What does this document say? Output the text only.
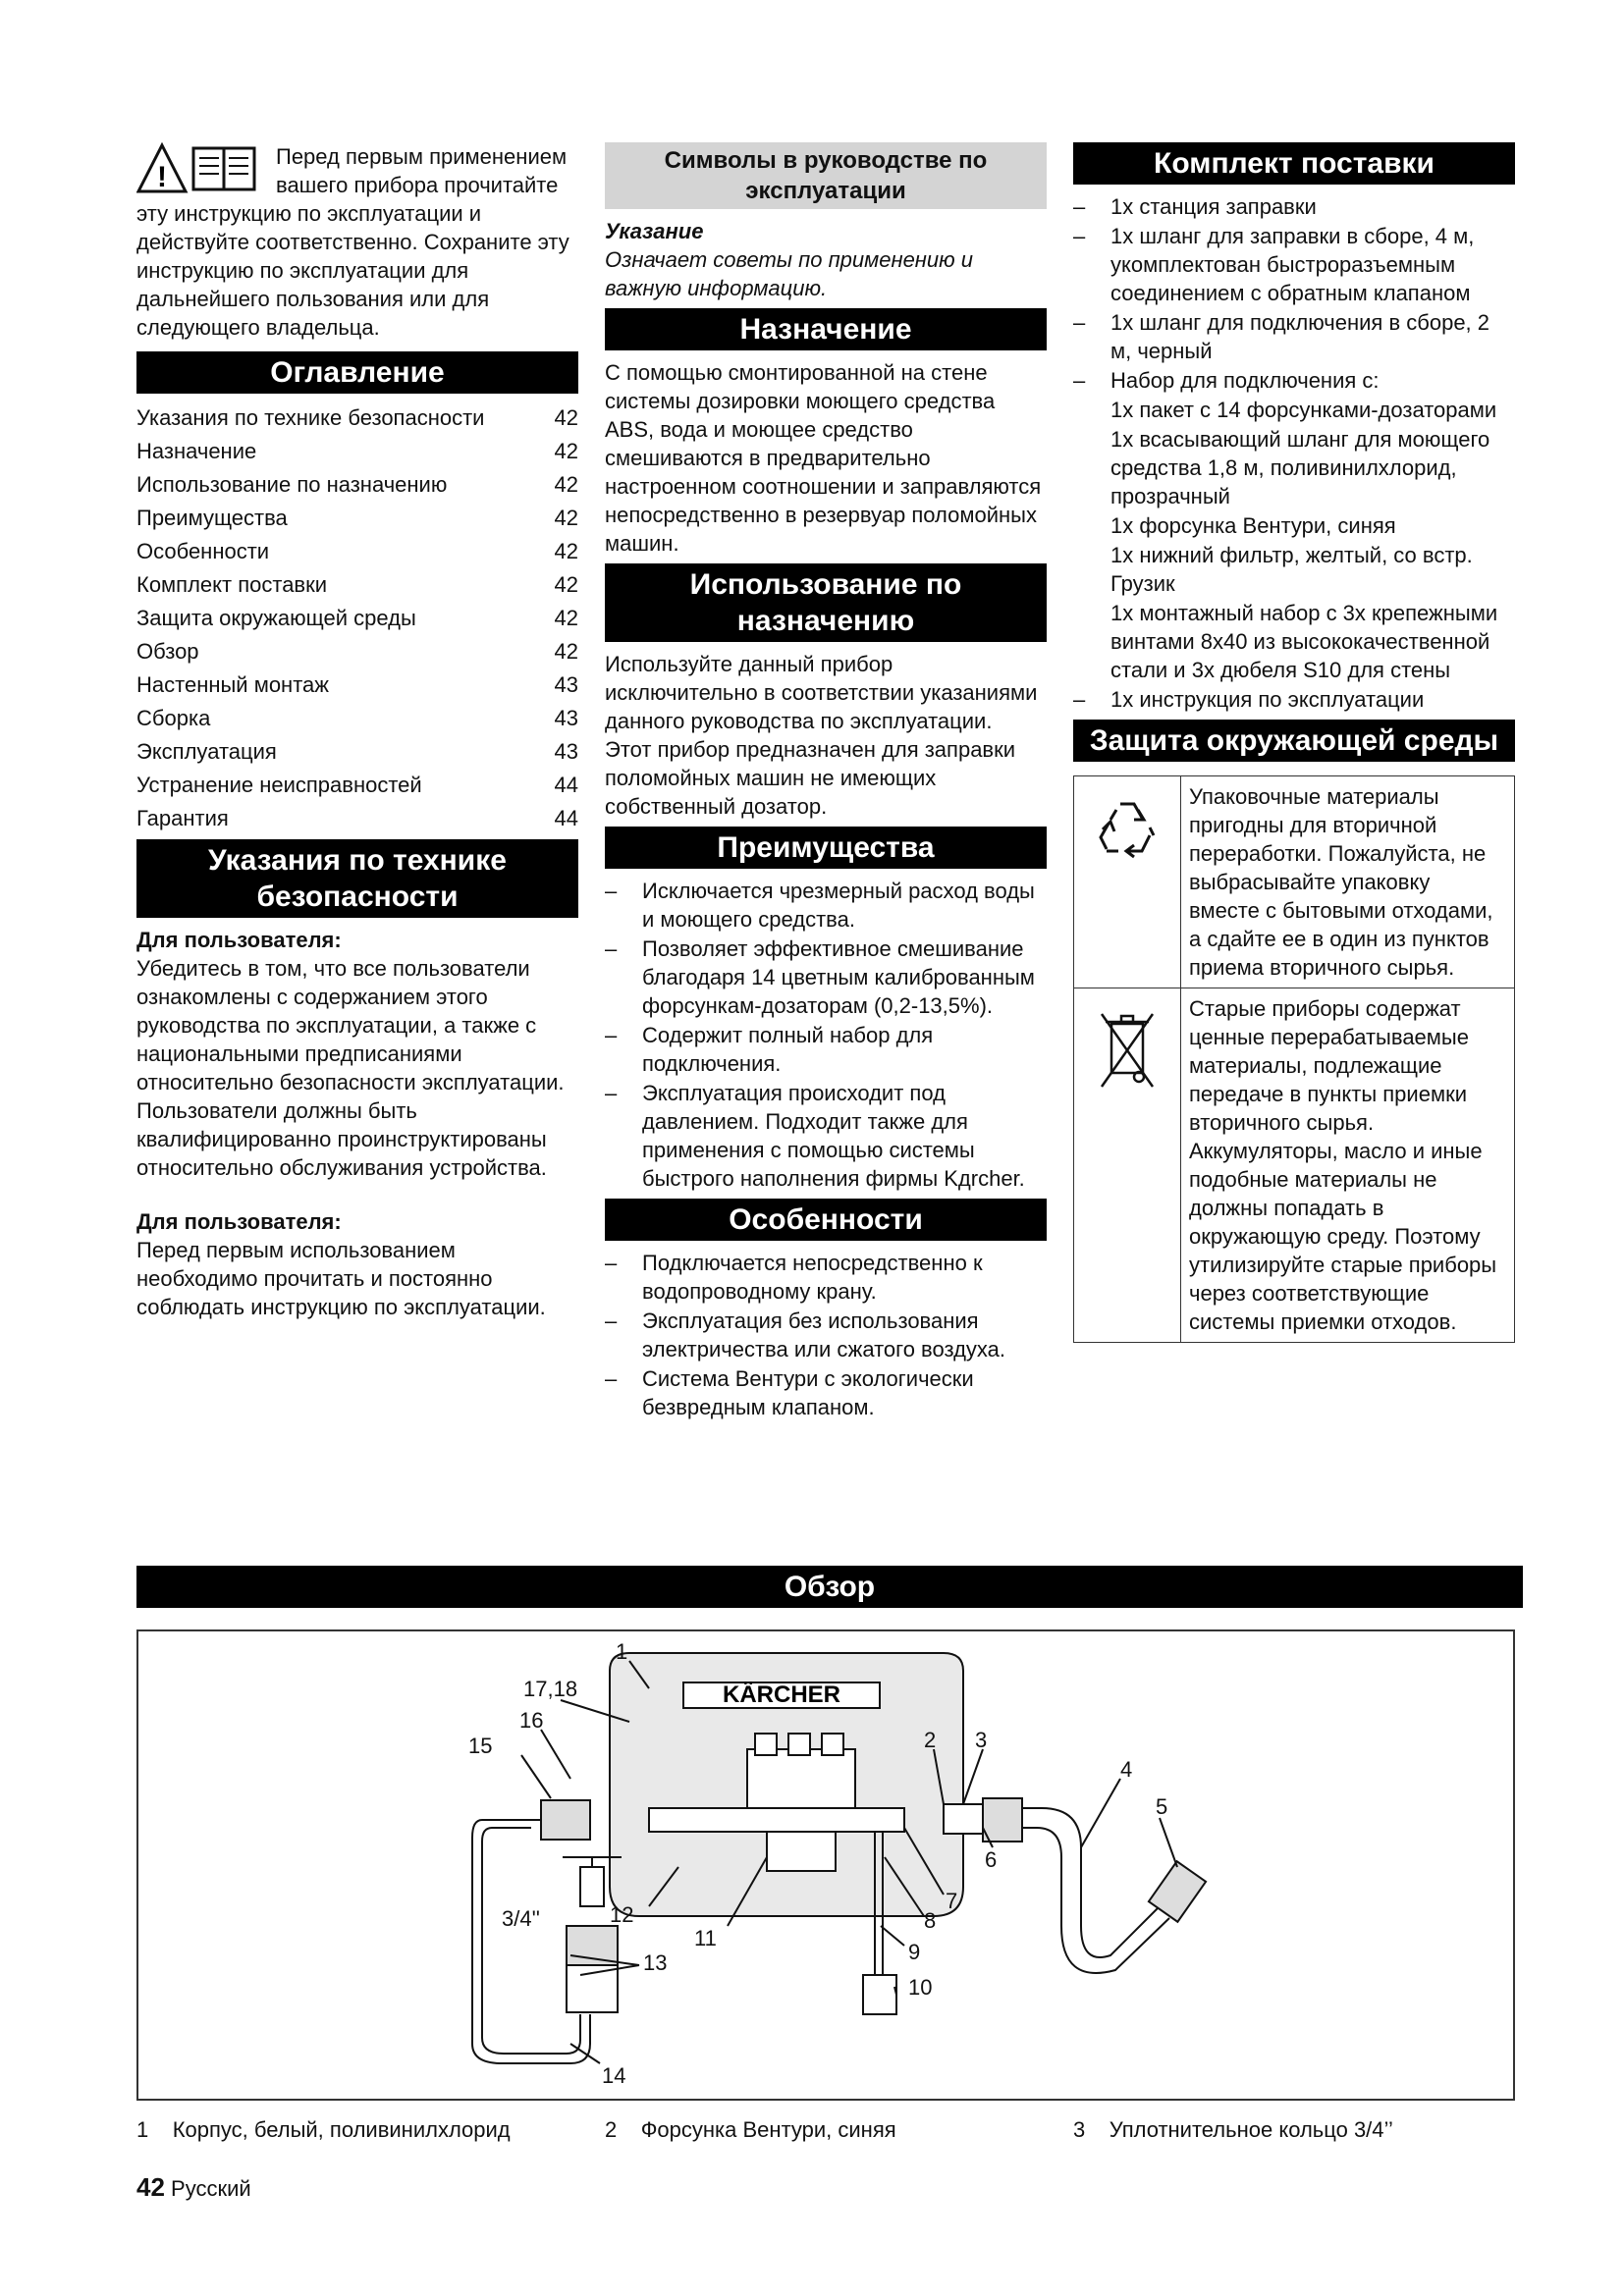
!

Перед первым применением вашего прибора прочитайте эту инструкцию по эксплуатации и действуйте соответственно. Сохраните эту инструкцию по эксплуатации для дальнейшего пользования или для следующего владельца.

Оглавление
Указания по технике безопасности	42
Назначение	42
Использование по назначению	42
Преимущества	42
Особенности	42
Комплект поставки	42
Защита окружающей среды	42
Обзор	42
Настенный монтаж	43
Сборка	43
Эксплуатация	43
Устранение неисправностей	44
Гарантия	44
Указания по технике безопасности

Для пользователя:

Убедитесь в том, что все пользователи ознакомлены с содержанием этого руководства по эксплуатации, а также с национальными предписаниями относительно безопасности эксплуатации. Пользователи должны быть квалифицированно проинструктированы относительно обслуживания устройства.

Для пользователя:

Перед первым использованием необходимо прочитать и постоянно соблюдать инструкцию по эксплуатации.

Символы в руководстве по эксплуатации

Указание

Означает советы по применению и важную информацию.

Назначение

С помощью смонтированной на стене системы дозировки моющего средства ABS, вода и моющее средство смешиваются в предварительно настроенном соотношении и заправляются непосредственно в резервуар поломойных машин.

Использование по назначению

Используйте данный прибор исключительно в соответствии указаниями данного руководства по эксплуатации.

Этот прибор предназначен для заправки поломойных машин не имеющих собственный дозатор.

Преимущества
– Исключается чрезмерный расход воды и моющего средства.
– Позволяет эффективное смешивание благодаря 14 цветным калиброванным форсункам-дозаторам (0,2-13,5%).
– Содержит полный набор для подключения.
– Эксплуатация происходит под давлением. Подходит также для применения с помощью системы быстрого наполнения фирмы Kдrcher.
Особенности
– Подключается непосредственно к водопроводному крану.
– Эксплуатация без использования электричества или сжатого воздуха.
– Система Вентури с экологически безвредным клапаном.
Комплект поставки
– 1x станция заправки
– 1x шланг для заправки в сборе, 4 м, укомплектован быстроразъемным соединением с обратным клапаном
– 1x шланг для подключения в сборе, 2 м, черный
– Набор для подключения с:
1x пакет с 14 форсунками-дозаторами
1x всасывающий шланг для моющего средства 1,8 м, поливинилхлорид, прозрачный
1x форсунка Вентури, синяя
1x нижний фильтр, желтый, со встр. Грузик
1x монтажный набор с 3x крепежными винтами 8x40 из высококачественной стали и 3x дюбеля S10 для стены
– 1x инструкция по эксплуатации
Защита окружающей среды
	Упаковочные материалы пригодны для вторичной переработки. Пожалуйста, не выбрасывайте упаковку вместе с бытовыми отходами, а сдайте ее в один из пунктов приема вторичного сырья.
	Старые приборы содержат ценные перерабатываемые материалы, подлежащие передаче в пункты приемки вторичного сырья. Аккумуляторы, масло и иные подобные материалы не должны попадать в окружающую среду. Поэтому утилизируйте старые приборы через соответствующие системы приемки отходов.
Обзор
KÄRCHER
1
17,18
16
15
3/4''	12
13
14
11
2 3
4
5
6
7
8
9
10
1 Корпус, белый, поливинилхлорид	2 Форсунка Вентури, синяя	3 Уплотнительное кольцо 3/4’’
42 Русский
